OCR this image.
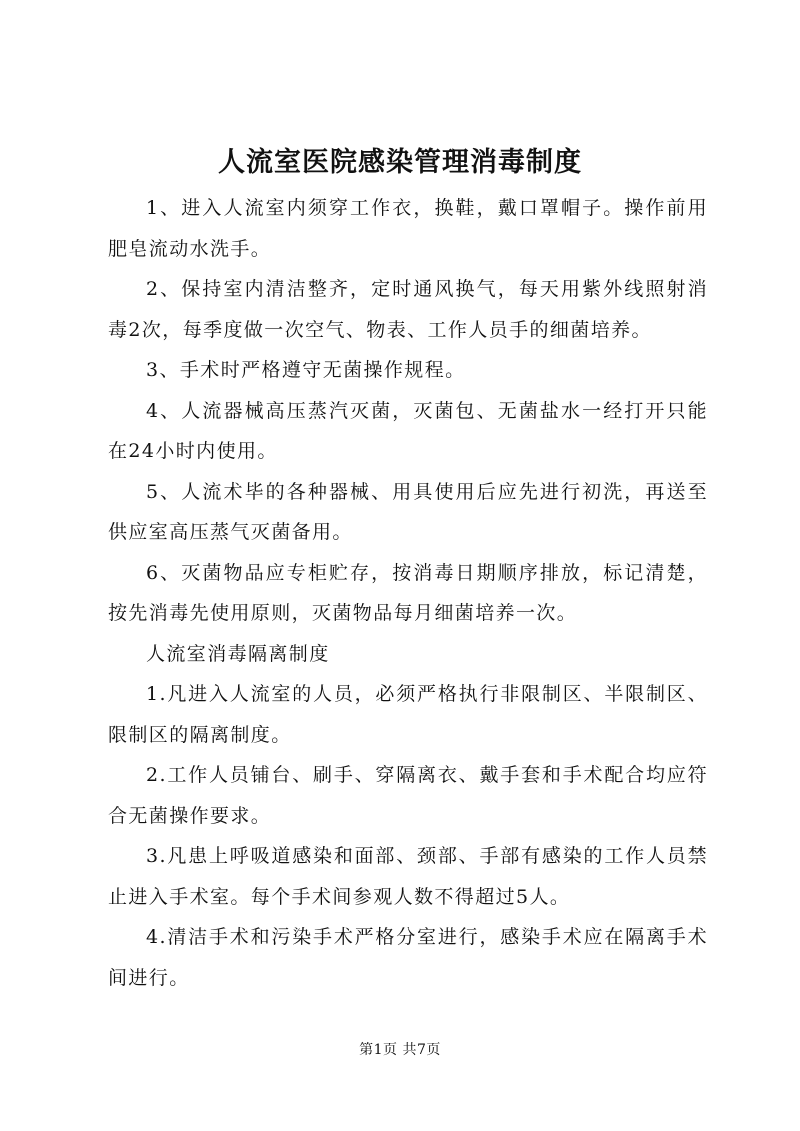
人流室医院感染管理消毒制度

1、进入人流室内须穿工作衣，换鞋，戴口罩帽子。操作前用肥皂流动水洗手。

2、保持室内清洁整齐，定时通风换气，每天用紫外线照射消毒2次，每季度做一次空气、物表、工作人员手的细菌培养。

3、手术时严格遵守无菌操作规程。

4、人流器械高压蒸汽灭菌，灭菌包、无菌盐水一经打开只能在24小时内使用。

5、人流术毕的各种器械、用具使用后应先进行初洗，再送至供应室高压蒸气灭菌备用。

6、灭菌物品应专柜贮存，按消毒日期顺序排放，标记清楚，按先消毒先使用原则，灭菌物品每月细菌培养一次。

人流室消毒隔离制度

1.凡进入人流室的人员，必须严格执行非限制区、半限制区、限制区的隔离制度。

2.工作人员铺台、刷手、穿隔离衣、戴手套和手术配合均应符合无菌操作要求。

3.凡患上呼吸道感染和面部、颈部、手部有感染的工作人员禁止进入手术室。每个手术间参观人数不得超过5人。

4.清洁手术和污染手术严格分室进行，感染手术应在隔离手术间进行。

第1页 共7页
